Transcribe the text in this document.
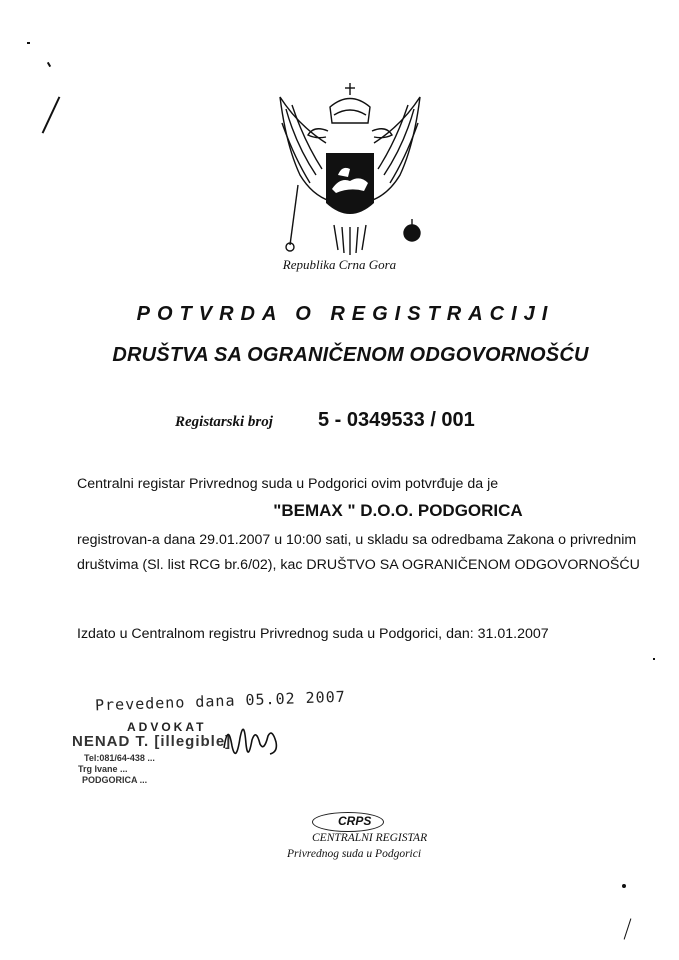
Republika Crna Gora
POTVRDA O REGISTRACIJI
DRUŠTVA SA OGRANIČENOM ODGOVORNOŠĆU
Registarski broj 5 - 0349533 / 001
Centralni registar Privrednog suda u Podgorici ovim potvrđuje da je
"BEMAX " D.O.O. PODGORICA
registrovan-a dana 29.01.2007 u 10:00 sati, u skladu sa odredbama Zakona o privrednim
društvima (Sl. list RCG br.6/02), kac DRUŠTVO SA OGRANIČENOM ODGOVORNOŠĆU
Izdato u Centralnom registru Privrednog suda u Podgorici, dan: 31.01.2007
Prevedeno dana 05.02 2007
ADVOKAT
NENAD T. [illegible]
Tel:081/64-438 ...
Trg Ivane ...
PODGORICA ...
CRPS
CENTRALNI REGISTAR
Privrednog suda u Podgorici
